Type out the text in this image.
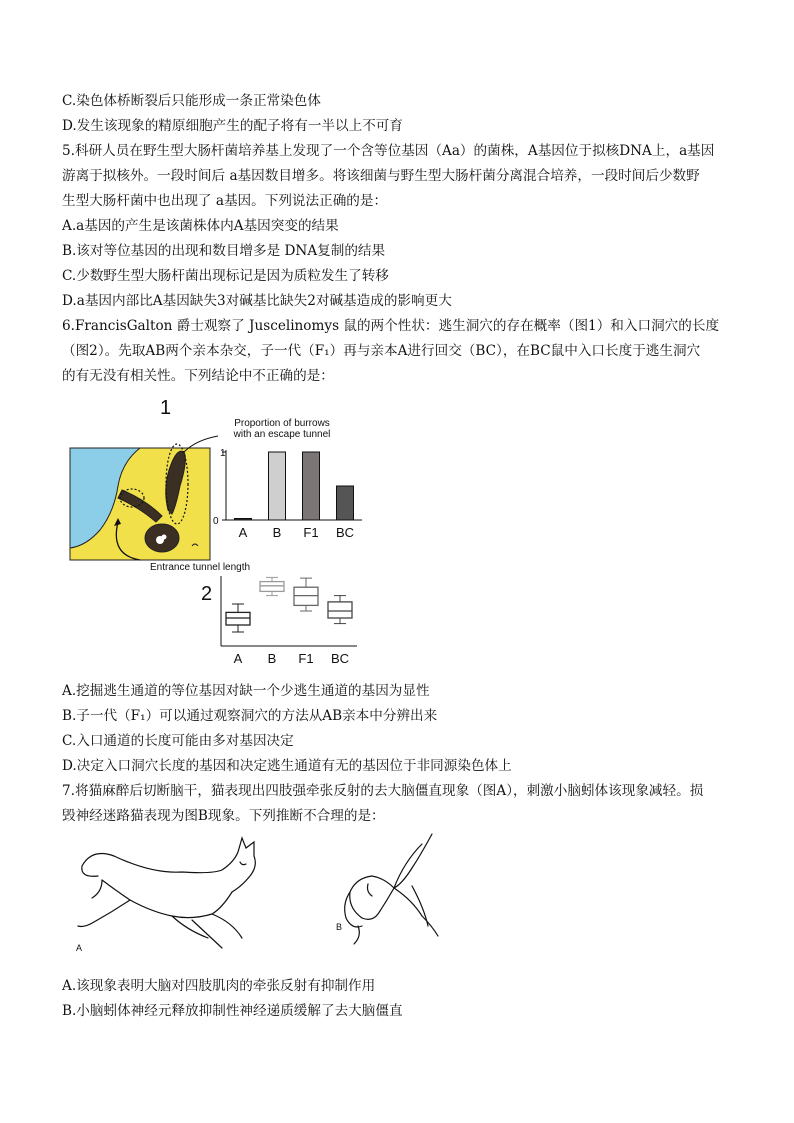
C.染色体桥断裂后只能形成一条正常染色体
D.发生该现象的精原细胞产生的配子将有一半以上不可育
5.科研人员在野生型大肠杆菌培养基上发现了一个含等位基因（Aa）的菌株，A基因位于拟核DNA上，a基因
游离于拟核外。一段时间后 a基因数目增多。将该细菌与野生型大肠杆菌分离混合培养，一段时间后少数野
生型大肠杆菌中也出现了 a基因。下列说法正确的是：
A.a基因的产生是该菌株体内A基因突变的结果
B.该对等位基因的出现和数目增多是 DNA复制的结果
C.少数野生型大肠杆菌出现标记是因为质粒发生了转移
D.a基因内部比A基因缺失3对碱基比缺失2对碱基造成的影响更大
6.FrancisGalton 爵士观察了 Juscelinomys 鼠的两个性状：逃生洞穴的存在概率（图1）和入口洞穴的长度
（图2）。先取AB两个亲本杂交，子一代（F₁）再与亲本A进行回交（BC），在BC鼠中入口长度于逃生洞穴
的有无没有相关性。下列结论中不正确的是：
1
Proportion of burrows
with an escape tunnel
1
0
Entrance tunnel length
A B F1 BC
2
A B F1 BC
A.挖掘逃生通道的等位基因对缺一个少逃生通道的基因为显性
B.子一代（F₁）可以通过观察洞穴的方法从AB亲本中分辨出来
C.入口通道的长度可能由多对基因决定
D.决定入口洞穴长度的基因和决定逃生通道有无的基因位于非同源染色体上
7.将猫麻醉后切断脑干，猫表现出四肢强牵张反射的去大脑僵直现象（图A），刺激小脑蚓体该现象减轻。损
毁神经迷路猫表现为图B现象。下列推断不合理的是：
A
B
A.该现象表明大脑对四肢肌肉的牵张反射有抑制作用
B.小脑蚓体神经元释放抑制性神经递质缓解了去大脑僵直
